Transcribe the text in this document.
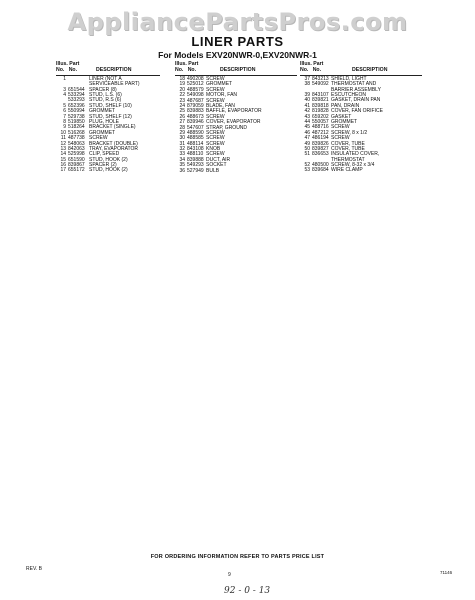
AppliancePartsPros.com
LINER PARTS
For Models EXV20NWR-0,EXV20NWR-1
Illus. Part
No. No.	DESCRIPTION
1	LINER (NOT A
SERVICEABLE PART)
3 651544 SPACER (8)
4 533294 STUD, L.S. (6)
533293 STUD, R.S (6)
5 652396 STUD, SHELF (10)
6 550994 GROMMET
7 529738 STUD, SHELF (12)
8 519850 PLUG, HOLE
9 518264 BRACKET (SINGLE)
10 516268 GROMMET
11 487738 SCREW
12 548063 BRACKET (DOUBLE)
13 842063 TRAY, EVAPORATOR
14 525998 CLIP, SPEED
15 651590 STUD, HOOK (2)
16 839867 SPACER (2)
17 655172 STUD, HOOK (2)
Illus. Part
No. No.	DESCRIPTION
18 490208 SCREW
19 525012 GROMMET
20 488579 SCREW
22 549098 MOTOR, FAN
23 487687 SCREW
24 879059 BLADE, FAN
25 839883 BAFFLE, EVAPORATOR
26 488673 SCREW
27 839946 COVER, EVAPORATOR
28 547607 STRAP, GROUND
29 488590 SCREW
30 488585 SCREW
31 488114 SCREW
32 843108 KNOB
33 488110 SCREW
34 839888 DUCT, AIR
35 549293 SOCKET
36 527949 BULB
Illus. Part
No. No.	DESCRIPTION
37 843213 SHIELD, LIGHT
38 549092 THERMOSTAT AND
BARRIER ASSEMBLY
39 843107 ESCUTCHEON
40 839821 GASKET, DRAIN PAN
41 839818 PAN, DRAIN
42 819828 COVER, FAN ORIFICE
43 659202 GASKET
44 550057 GROMMET
45 488716 SCREW
46 487212 SCREW, 8 x 1/2
47 486194 SCREW
49 839826 COVER, TUBE
50 839827 COVER, TUBE
51 836653 INSULATED COVER,
THERMOSTAT
52 480500 SCREW, 8-32 x 3/4
53 839684 WIRE CLAMP
FOR ORDERING INFORMATION REFER TO PARTS PRICE LIST
REV. B
9	71146
92 - 0 - 13
